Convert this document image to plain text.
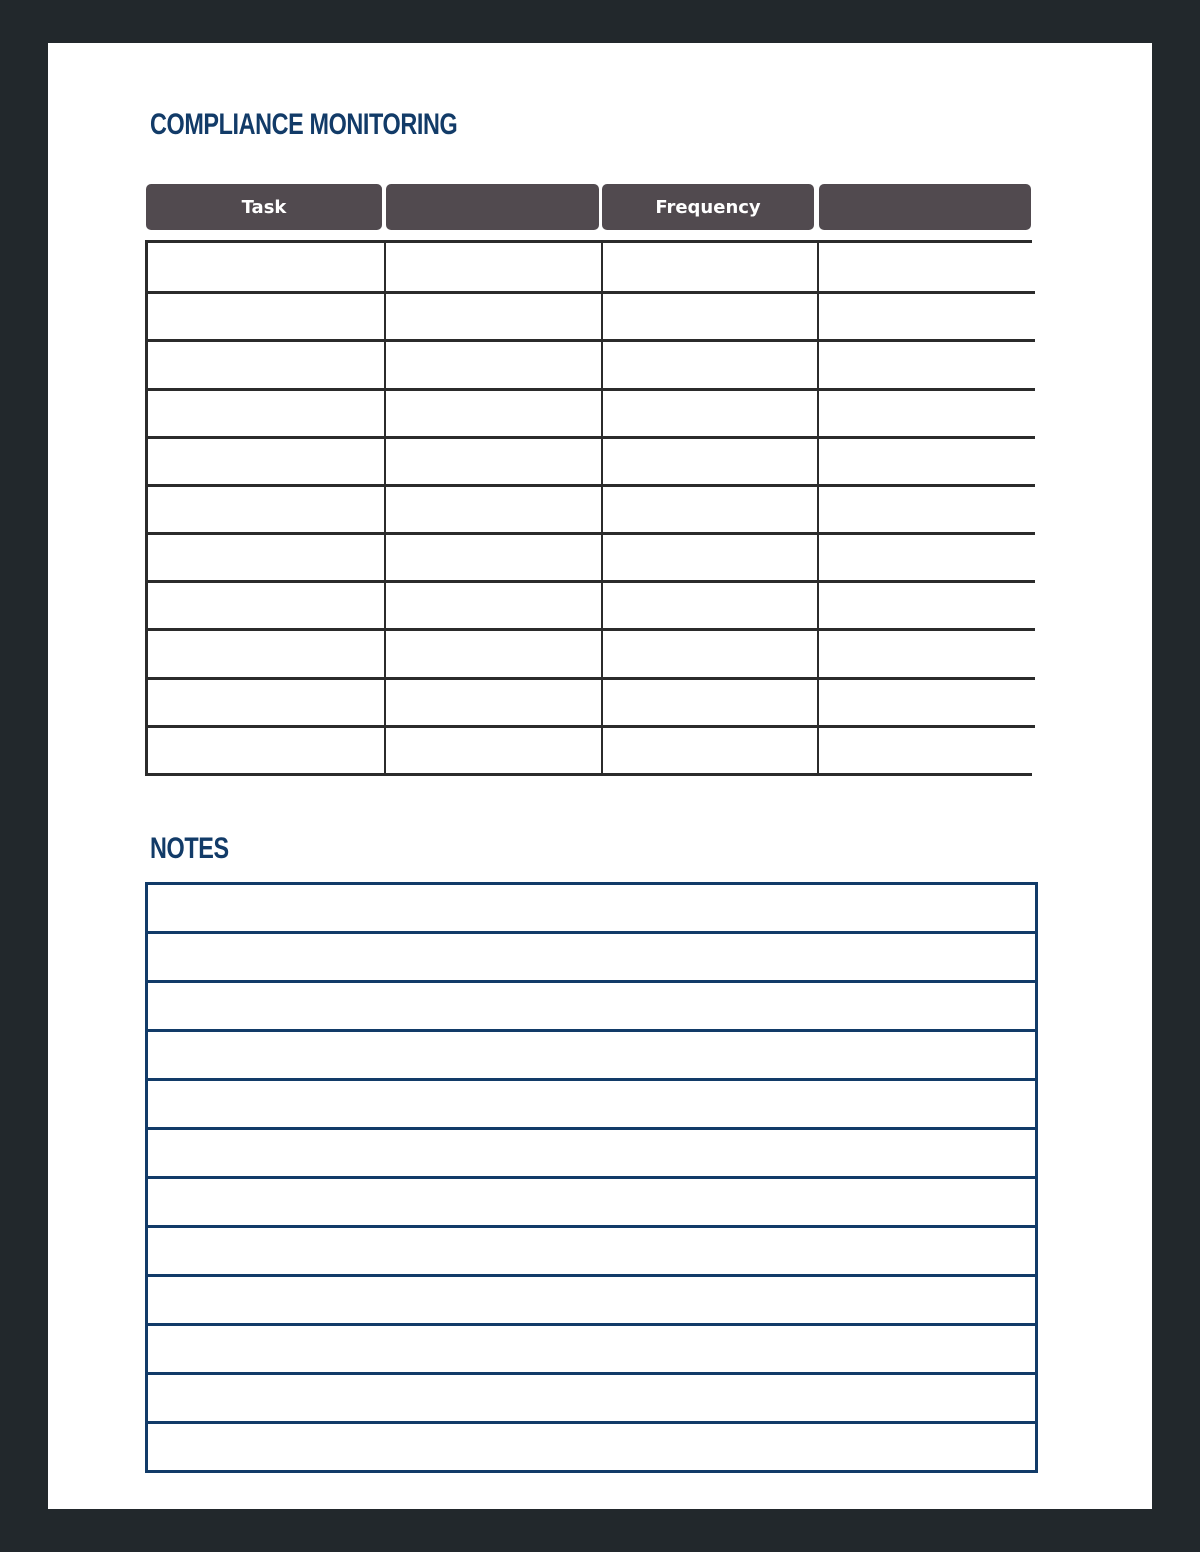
COMPLIANCE MONITORING
Task	Frequency
NOTES
